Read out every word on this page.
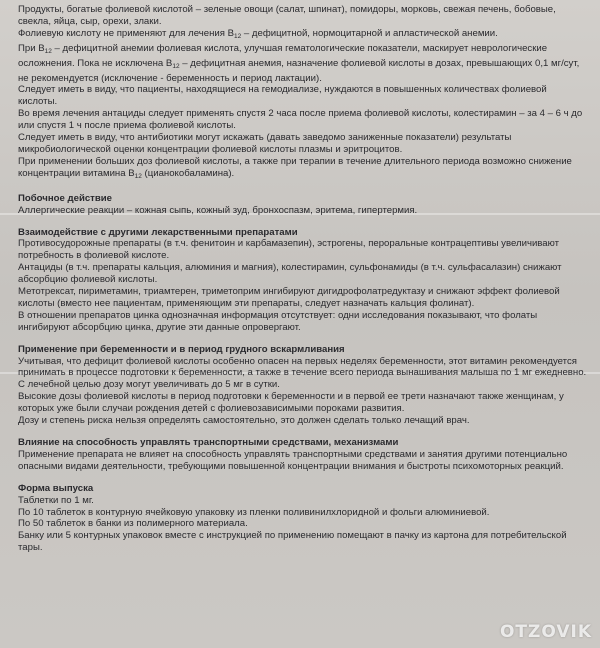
Продукты, богатые фолиевой кислотой – зеленые овощи (салат, шпинат), помидоры, морковь, свежая печень, бобовые, свекла, яйца, сыр, орехи, злаки.

Фолиевую кислоту не применяют для лечения $B_{12}$ – дефицитной, нормоцитарной и апластической анемии.

При $B_{12}$ – дефицитной анемии фолиевая кислота, улучшая гематологические показатели, маскирует неврологические осложнения. Пока не исключена $B_{12}$ – дефицитная анемия, назначение фолиевой кислоты в дозах, превышающих 0,1 мг/сут, не рекомендуется (исключение - беременность и период лактации).

Следует иметь в виду, что пациенты, находящиеся на гемодиализе, нуждаются в повышенных количествах фолиевой кислоты.

Во время лечения антациды следует применять спустя 2 часа после приема фолиевой кислоты, колестирамин – за 4 – 6 ч до или спустя 1 ч после приема фолиевой кислоты.

Следует иметь в виду, что антибиотики могут искажать (давать заведомо заниженные показатели) результаты микробиологической оценки концентрации фолиевой кислоты плазмы и эритроцитов.

При применении больших доз фолиевой кислоты, а также при терапии в течение длительного периода возможно снижение концентрации витамина $B_{12}$ (цианокобаламина).

Побочное действие

Аллергические реакции – кожная сыпь, кожный зуд, бронхоспазм, эритема, гипертермия.

Взаимодействие с другими лекарственными препаратами

Противосудорожные препараты (в т.ч. фенитоин и карбамазепин), эстрогены, пероральные контрацептивы увеличивают потребность в фолиевой кислоте.

Антациды (в т.ч. препараты кальция, алюминия и магния), колестирамин, сульфонамиды (в т.ч. сульфасалазин) снижают абсорбцию фолиевой кислоты.

Метотрексат, пириметамин, триамтерен, триметоприм ингибируют дигидрофолатредуктазу и снижают эффект фолиевой кислоты (вместо нее пациентам, применяющим эти препараты, следует назначать кальция фолинат).

В отношении препаратов цинка однозначная информация отсутствует: одни исследования показывают, что фолаты ингибируют абсорбцию цинка, другие эти данные опровергают.

Применение при беременности и в период грудного вскармливания

Учитывая, что дефицит фолиевой кислоты особенно опасен на первых неделях беременности, этот витамин рекомендуется принимать в процессе подготовки к беременности, а также в течение всего периода вынашивания малыша по 1 мг ежедневно.

С лечебной целью дозу могут увеличивать до 5 мг в сутки.

Высокие дозы фолиевой кислоты в период подготовки к беременности и в первой ее трети назначают также женщинам, у которых уже были случаи рождения детей с фолиевозависимыми пороками развития.

Дозу и степень риска нельзя определять самостоятельно, это должен сделать только лечащий врач.

Влияние на способность управлять транспортными средствами, механизмами

Применение препарата не влияет на способность управлять транспортными средствами и занятия другими потенциально опасными видами деятельности, требующими повышенной концентрации внимания и быстроты психомоторных реакций.

Форма выпуска

Таблетки по 1 мг.

По 10 таблеток в контурную ячейковую упаковку из пленки поливинилхлоридной и фольги алюминиевой.

По 50 таблеток в банки из полимерного материала.

Банку или 5 контурных упаковок вместе с инструкцией по применению помещают в пачку из картона для потребительской тары.

OTZOVIK
